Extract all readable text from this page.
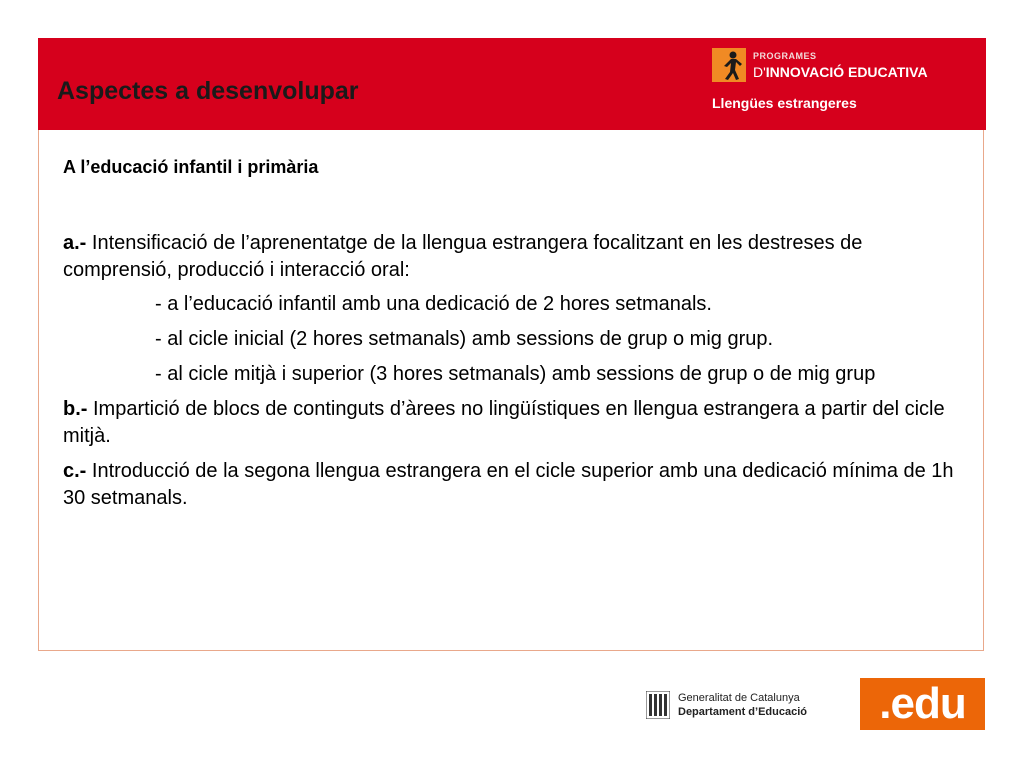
Aspectes a desenvolupar
PROGRAMES
D'INNOVACIÓ EDUCATIVA
Llengües estrangeres

A l’educació infantil i primària

a.- Intensificació de l’aprenentatge de la llengua estrangera focalitzant en les destreses de comprensió, producció i interacció oral:

- a l’educació infantil amb una dedicació de 2 hores setmanals.
- al cicle inicial (2 hores setmanals) amb sessions de grup o mig grup.
- al cicle mitjà i superior (3 hores setmanals) amb sessions de grup o de mig grup

b.- Impartició de blocs de continguts d’àrees no lingüístiques en llengua estrangera a partir del cicle mitjà.

c.- Introducció de la segona llengua estrangera en el cicle superior amb una dedicació mínima de 1h 30 setmanals.

Generalitat de Catalunya
Departament d’Educació	.edu
